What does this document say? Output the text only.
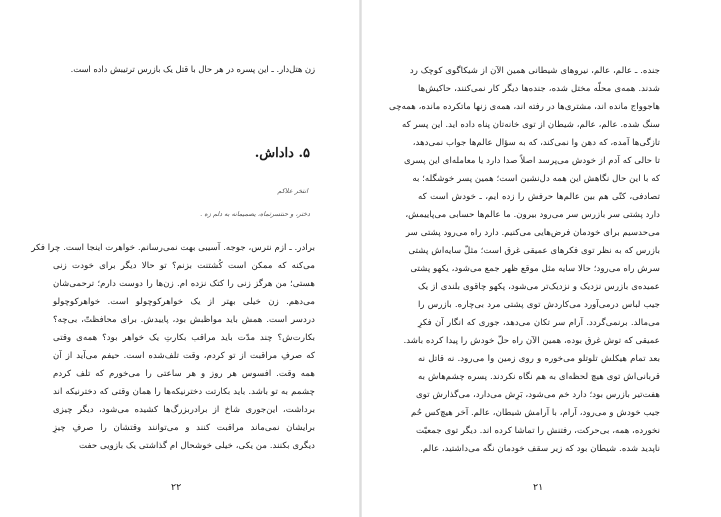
جنده. ـ عالم، عالم، نیروهای شیطانی همین الآن از شیکاگوی کوچک رد
شدند. همه‌ی محلّه مختل شده، جنده‌ها دیگر کار نمی‌کنند، حاکیش‌ها
هاجوواج مانده اند، مشتری‌ها در رفته اند، همه‌ی زنها ماتکرده مانده، همه‌چی
سنگ شده. عالم، عالم، شیطان از توی خانه‌تان پناه داده اید. این پسر که
تازگی‌ها آمده، که دهن وا نمی‌کند، که به سؤال عالم‌ها جواب نمی‌دهد،
تا حالی که آدم از خودش می‌پرسد اصلاً صدا دارد یا معامله‌ای این پسری
که با این حال نگاهش این همه دل‌نشین است؛ همین پسر خوشگله؛ به
تصادفی، کتّی هم بین عالم‌ها حرفش را زده ایم، ـ خودش است که
دارد پشتی سر بازرس سر می‌رود بیرون. ما عالم‌ها حسابی می‌پاییمش،
می‌حدسیم برای خودمان فرض‌هایی می‌کنیم. دارد راه می‌رود پشتی سر
بازرس که به نظر توی فکرهای عمیقی غرق است؛ مثلّ سایه‌اش پشتی
سرش راه می‌رود؛ حالا سایه مثل موقع ظهر جمع می‌شود، یکهو پشتی
عمیده‌ی بازرس نزدیک و نزدیک‌تر می‌شود، پکهو چاقوی بلندی از یک
جیب لباس درمی‌آورد می‌کاردش توی پشتی مرد بی‌چاره. بازرس را
می‌مالد. برنمی‌گردد. آرام سر تکان می‌دهد، جوری که انگار آن فکرِ
عمیقی که توش غرق بوده، همین الآن راه حلّ خودش را پیدا کرده باشد.
بعد تمام هیکلش تلوتلو می‌خوره و روی زمین وا می‌رود. نه قاتل نه
قربانی‌اش توی هیچ لحظه‌ای به هم نگاه نکردند. پسره چشم‌هاش به
هفت‌تیر بازرس بود؛ دارد خم می‌شود، بَرِش می‌دارد، می‌گذارش توی
جیب خودش و می‌رود، آرام، با آرامش شیطان، عالم. آخر هیچ‌کس حُم
نخورده، همه، بی‌حرکت، رفتنش را تماشا کرده اند. دیگر توی جمعیّت
ناپدید شده. شیطان بود که زیر سقف خودمان نگه می‌داشتید، عالم.
۲۱
زن هتل‌دار. ـ این پسره در هر حال با قتل یک بازرس ترتیبش داده است.
۵. داداش.
انتخر علاکم
دختر، و حنتسرتماه، یصمیمانه به دلم زه .
برادر. ـ ازم نترس، جوجه. آسیبی بهت نمی‌رسانم. خواهرت اینجا است. چرا فکر
می‌کنه که ممکن است کُشتنت بزنم؟ تو حالا دیگر برای خودت زنی
هستی؛ من هرگز زنی را کتک نزده ام. زن‌ها را دوست دارم؛ ترحمی‌شان
می‌دهم. زن خیلی بهتر از یک خواهرکوچولو است. خواهرکوچولو
دردسر است. همش باید مواظبش بود، پاییدش. برای محافظتّ، بی‌چه؟
بکارت‌ش؟ چند مدّت باید مراقب بکارتِ یک خواهر بود؟ همه‌ی وقتی
که صرفِ مراقبت از تو کردم، وقت تلف‌شده است. حیفم می‌آید از آن
همه وقت. افسوس هر روز و هر ساعتی را می‌خورم که تلف کردم
چشمم به تو باشد. باید بکارتت دخترنیکه‌ها را همان وقتی که دخترنیکه‌ اند
برداشت، این‌جوری شاخ از برادربزرگ‌ها کشیده می‌شود، دیگر چیزی
برایشان نمی‌ماند مراقبت کنند و می‌توانند وقتشان را صرفِ چیزِ
دیگری بکنند. من یکی، خیلی خوشحال ام گذاشتی یک بازویی حفت
۲۲
